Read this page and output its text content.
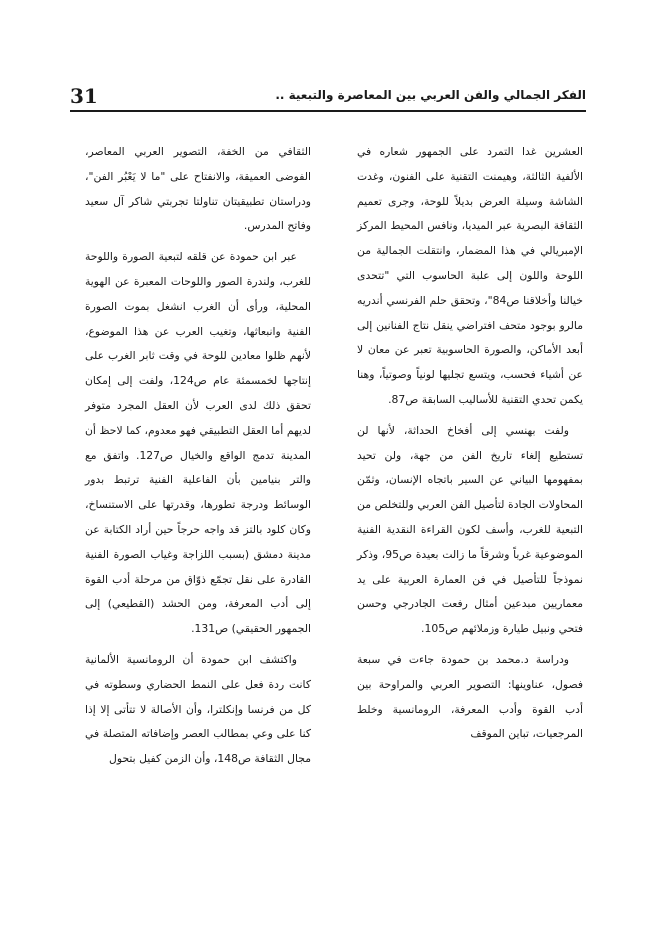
31	الفكر الجمالي والفن العربي بين المعاصرة والتبعية ..

العشرين غدا التمرد على الجمهور شعاره في الألفية الثالثة، وهيمنت التقنية على الفنون، وغدت الشاشة وسيلة العرض بديلاً للوحة، وجرى تعميم الثقافة البصرية عبر الميديا، ونافس المحيط المركز الإمبريالي في هذا المضمار، وانتقلت الجمالية من اللوحة واللون إلى علبة الحاسوب التي "تتحدى خيالنا وأخلاقنا ص84"، وتحقق حلم الفرنسي أندريه مالرو بوجود متحف افتراضي ينقل نتاج الفنانين إلى أبعد الأماكن، والصورة الحاسوبية تعبر عن معان لا عن أشياء فحسب، ويتسع تجليها لونياً وصوتياً، وهنا يكمن تحدي التقنية للأساليب السابقة ص87.

ولفت بهنسي إلى أفخاخ الحداثة، لأنها لن تستطيع إلغاء تاريخ الفن من جهة، ولن تحيد بمفهومها البياني عن السير باتجاه الإنسان، وثمّن المحاولات الجادة لتأصيل الفن العربي وللتخلص من التبعية للغرب، وأسف لكون القراءة النقدية الفنية الموضوعية غرباً وشرقاً ما زالت بعيدة ص95، وذكر نموذجاً للتأصيل في فن العمارة العربية على يد معماريين مبدعين أمثال رفعت الجادرجي وحسن فتحي ونبيل طيارة وزملائهم ص105.

ودراسة د.محمد بن حمودة جاءت في سبعة فصول، عناوينها: التصوير العربي والمراوحة بين أدب القوة وأدب المعرفة، الرومانسية وخلط المرجعيات، تباين الموقف

الثقافي من الخفة، التصوير العربي المعاصر، الفوضى العميقة، والانفتاح على "ما لا يَعْبُر الفن"، ودراستان تطبيقيتان تناولتا تجربتي شاكر آل سعيد وفاتح المدرس.

عبر ابن حمودة عن قلقه لتبعية الصورة واللوحة للغرب، ولندرة الصور واللوحات المعبرة عن الهوية المحلية، ورأى أن الغرب انشغل بموت الصورة الفنية وانبعاثها، وتغيب العرب عن هذا الموضوع، لأنهم ظلوا معادين للوحة في وقت ثابر الغرب على إنتاجها لخمسمئة عام ص124، ولفت إلى إمكان تحقق ذلك لدى العرب لأن العقل المجرد متوفر لديهم أما العقل التطبيقي فهو معدوم، كما لاحظ أن المدينة تدمج الواقع والخيال ص127. واتفق مع والتر بنيامين بأن الفاعلية الفنية ترتبط بدور الوسائط ودرجة تطورها، وقدرتها على الاستنساخ، وكان كلود بالتز قد واجه حرجاً حين أراد الكتابة عن مدينة دمشق (بسبب اللزاجة وغياب الصورة الفنية القادرة على نقل تجمّع ذوّاق من مرحلة أدب القوة إلى أدب المعرفة، ومن الحشد (القطيعي) إلى الجمهور الحقيقي) ص131.

واكتشف ابن حمودة أن الرومانسية الألمانية كانت ردة فعل على النمط الحضاري وسطوته في كل من فرنسا وإنكلترا، وأن الأصالة لا تتأتى إلا إذا كنا على وعي بمطالب العصر وإضافاته المتصلة في مجال الثقافة ص148، وأن الزمن كفيل بتحول
